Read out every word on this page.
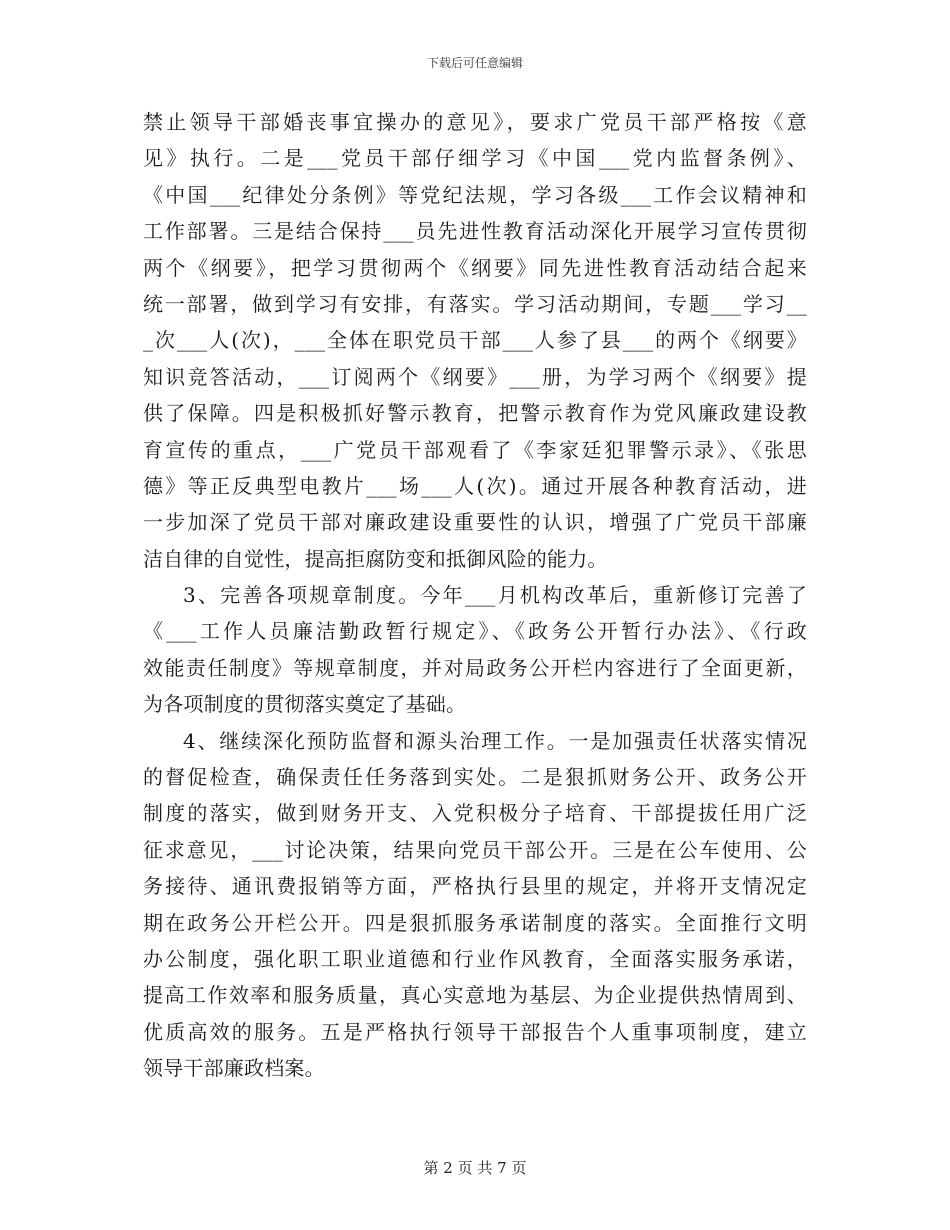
下载后可任意编辑
禁止领导干部婚丧事宜操办的意见》，要求广党员干部严格按《意
见》执行。二是___党员干部仔细学习《中国___党内监督条例》、
《中国___纪律处分条例》等党纪法规，学习各级___工作会议精神和
工作部署。三是结合保持___员先进性教育活动深化开展学习宣传贯彻
两个《纲要》，把学习贯彻两个《纲要》同先进性教育活动结合起来
统一部署，做到学习有安排，有落实。学习活动期间，专题___学习__
_次___人(次)，___全体在职党员干部___人参了县___的两个《纲要》
知识竞答活动，___订阅两个《纲要》___册，为学习两个《纲要》提
供了保障。四是积极抓好警示教育，把警示教育作为党风廉政建设教
育宣传的重点，___广党员干部观看了《李家廷犯罪警示录》、《张思
德》等正反典型电教片___场___人(次)。通过开展各种教育活动，进
一步加深了党员干部对廉政建设重要性的认识，增强了广党员干部廉
洁自律的自觉性，提高拒腐防变和抵御风险的能力。
3、完善各项规章制度。今年___月机构改革后，重新修订完善了
《___工作人员廉洁勤政暂行规定》、《政务公开暂行办法》、《行政
效能责任制度》等规章制度，并对局政务公开栏内容进行了全面更新，
为各项制度的贯彻落实奠定了基础。
4、继续深化预防监督和源头治理工作。一是加强责任状落实情况
的督促检查，确保责任任务落到实处。二是狠抓财务公开、政务公开
制度的落实，做到财务开支、入党积极分子培育、干部提拔任用广泛
征求意见，___讨论决策，结果向党员干部公开。三是在公车使用、公
务接待、通讯费报销等方面，严格执行县里的规定，并将开支情况定
期在政务公开栏公开。四是狠抓服务承诺制度的落实。全面推行文明
办公制度，强化职工职业道德和行业作风教育，全面落实服务承诺，
提高工作效率和服务质量，真心实意地为基层、为企业提供热情周到、
优质高效的服务。五是严格执行领导干部报告个人重事项制度，建立
领导干部廉政档案。
第 2 页 共 7 页
